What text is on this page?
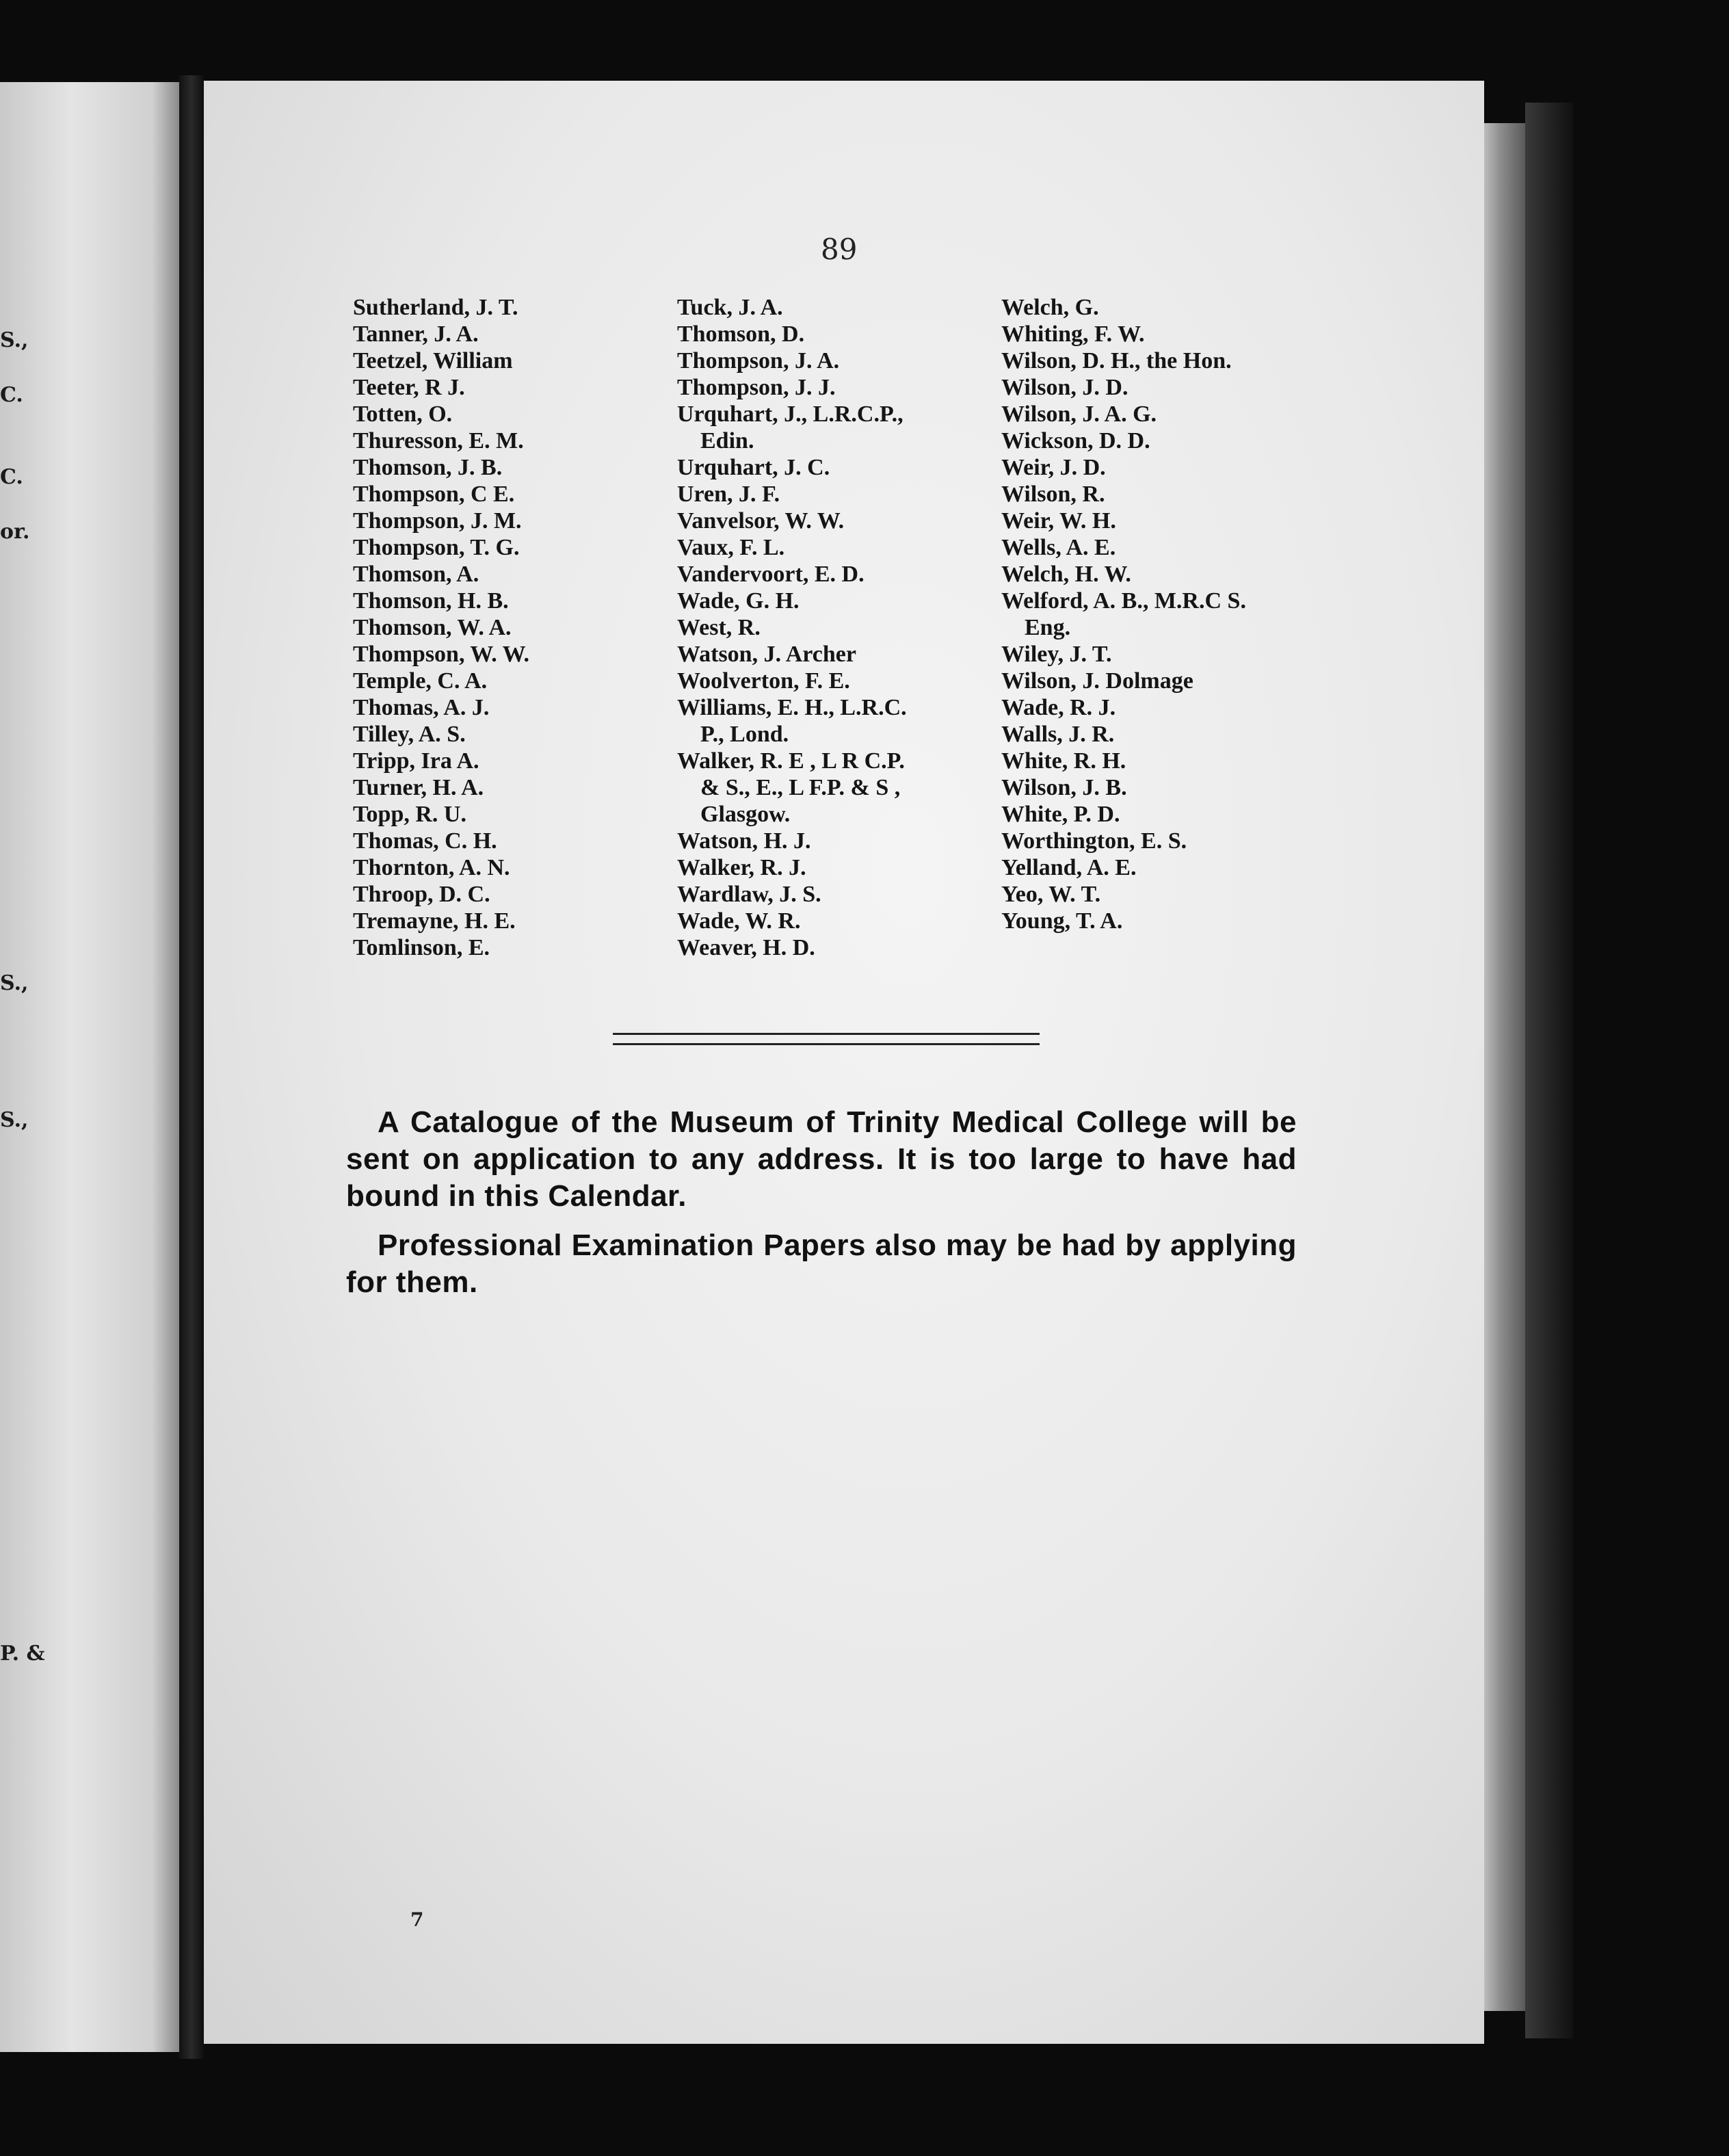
S.,
C.
C.
or.
S.,
S.,
P. &
89
Sutherland, J. T.
Tanner, J. A.
Teetzel, William
Teeter, R J.
Totten, O.
Thuresson, E. M.
Thomson, J. B.
Thompson, C E.
Thompson, J. M.
Thompson, T. G.
Thomson, A.
Thomson, H. B.
Thomson, W. A.
Thompson, W. W.
Temple, C. A.
Thomas, A. J.
Tilley, A. S.
Tripp, Ira A.
Turner, H. A.
Topp, R. U.
Thomas, C. H.
Thornton, A. N.
Throop, D. C.
Tremayne, H. E.
Tomlinson, E.
Tuck, J. A.
Thomson, D.
Thompson, J. A.
Thompson, J. J.
Urquhart, J., L.R.C.P.,
Edin.
Urquhart, J. C.
Uren, J. F.
Vanvelsor, W. W.
Vaux, F. L.
Vandervoort, E. D.
Wade, G. H.
West, R.
Watson, J. Archer
Woolverton, F. E.
Williams, E. H., L.R.C.
P., Lond.
Walker, R. E , L R C.P.
& S., E., L F.P. & S ,
Glasgow.
Watson, H. J.
Walker, R. J.
Wardlaw, J. S.
Wade, W. R.
Weaver, H. D.
Welch, G.
Whiting, F. W.
Wilson, D. H., the Hon.
Wilson, J. D.
Wilson, J. A. G.
Wickson, D. D.
Weir, J. D.
Wilson, R.
Weir, W. H.
Wells, A. E.
Welch, H. W.
Welford, A. B., M.R.C S.
Eng.
Wiley, J. T.
Wilson, J. Dolmage
Wade, R. J.
Walls, J. R.
White, R. H.
Wilson, J. B.
White, P. D.
Worthington, E. S.
Yelland, A. E.
Yeo, W. T.
Young, T. A.

A Catalogue of the Museum of Trinity Medical College will be sent on application to any address. It is too large to have had bound in this Calendar.

Professional Examination Papers also may be had by applying for them.

7
